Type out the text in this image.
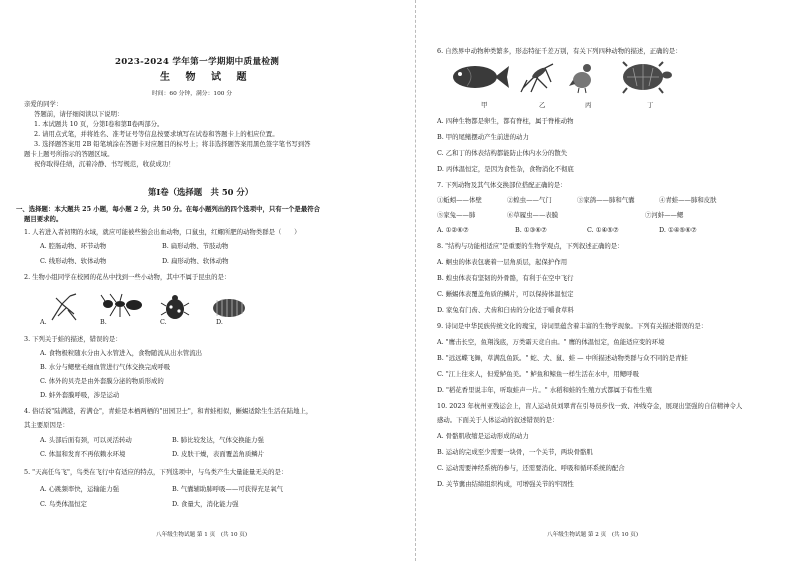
2023-2024 学年第一学期期中质量检测
生 物 试 题
时间：60 分钟，满分：100 分
亲爱的同学：
答题前，请仔细阅读以下说明：
1. 本试题共 10 页，分第Ⅰ卷和第Ⅱ卷两部分。
2. 请用点式笔，并将姓名、准考证号等信息按要求填写在试卷和答题卡上的相应位置。
3. 选择题答案用 2B 铅笔填涂在答题卡对应题目的标号上；将非选择题答案用黑色签字笔书写到答
题卡上题号所指示的答题区域。
祝你取得佳绩，沉着冷静、书写规范，收获成功！
第Ⅰ卷（选择题　共 50 分）
一、选择题：本大题共 25 小题，每小题 2 分，共 50 分。在每小题列出的四个选项中，只有一个是最符合
题目要求的。
1. 人若进入者初期的水域，就应可能被些独会出血动物，口鼠虫，红螺所肥的动物类群是（　　）
A. 腔肠动物、环节动物	B. 扁形动物、节肢动物
C. 线形动物、软体动物	D. 扁形动物、软体动物
2. 生物小组同学在校园的花丛中找到一些小动物，其中不属于昆虫的是：
A.	B.	C.	D.
3. 下列关于蛙的描述，错误的是：
A. 食物极粒随水分由入水管进入，食物随流从出水管流出
B. 水分与鳃壁毛细血管进行气体交换完成呼吸
C. 体外的贝壳是由外套膜分泌的物质形成的
D. 蚌外套膜呼吸，涉是运动
4. 俗话说"陆满港，若满仓"，青蛙是本栖两栖的"田园卫士"，和青蛙相似，蜥蜴适除生生活在陆地上，
其主要原因是：
A. 头部后面有颈，可以灵活转动	B. 肺比较发达，气体交换能力强
C. 体温和发育不再依赖水环境	D. 皮肤干燥，表面覆盖角质鳞片
5. "天高任鸟飞"，鸟类在飞行中有适应的特点，下列选项中，与鸟类产生大量能量无关的是：
A. 心跳频率快，运输能力强	B. 气囊辅助肺呼吸——可获得充足氧气
C. 鸟类体温恒定	D. 食量大，消化能力强
八年级生物试题 第 1 页　(共 10 页)
6. 自然界中动物种类繁多，形态特征千差万别，有关下列四种动物的描述，正确的是：
甲	乙	丙	丁
A. 四种生物都是卵生，都有脊柱，属于脊椎动物
B. 甲的尾鳍摆动产生前进的动力
C. 乙和丁的体表结构都能防止体内水分的散失
D. 丙体温恒定，是因为食性杂，食物消化不彻底
7. 下列动物及其气体交换部位搭配正确的是：
①蚯蚓——体壁	②蝗虫——气门	③家鸽——肺和气囊	④青蛙——肺和皮肤
⑤家兔——肺	⑥草履虫——表膜	⑦河蚌——鳃
A. ①②⑥⑦	B. ①③⑥⑦	C. ①④⑤⑦	D. ①④⑤⑥⑦
8. "结构与功能相适应"是重要的生物学观点，下列叙述正确的是：
A. 蛔虫的体表包裹着一层角质层，起保护作用
B. 蝗虫体表有坚韧的外骨骼，有利于在空中飞行
C. 蜥蜴体表覆盖角质的鳞片，可以保持体温恒定
D. 家兔有门齿、犬齿和臼齿的分化适于嚼食草料
9. 诗词是中华民族传统文化的瑰宝，诗词里蕴含着丰富的生物学现象。下列有关描述错误的是：
A. "鹰击长空，鱼翔浅底，万类霜天竞自由。" 鹰的体温恒定，鱼能适应变的环境
B. "远远蝶飞舞，草满乱鱼跃。" 蛇、犬、鼠、蛙 — 中所描述动物类群与众不同的是青蛙
C. "江上往来人，但爱鲈鱼美。" 鲈鱼和鲸鱼一样生活在水中，用鳃呼吸
D. "稻花香里说丰年，听取蛙声一片。" 水稻和蛙的生殖方式都属于有性生殖
10. 2023 年杭州亚残运会上，盲人运动员刘翠青在引导员步伐一致、冲线夺金，展现出坚强的自信精神令人
感动。下面关于人体运动的叙述错误的是：
A. 骨骼肌收缩是运动形成的动力
B. 运动的完成至少需要一块骨，一个关节，两块骨骼肌
C. 运动需要神经系统的参与，还需要消化、呼吸和循环系统的配合
D. 关节囊由结缔组织构成，可增强关节的牢固性
八年级生物试题 第 2 页　(共 10 页)
